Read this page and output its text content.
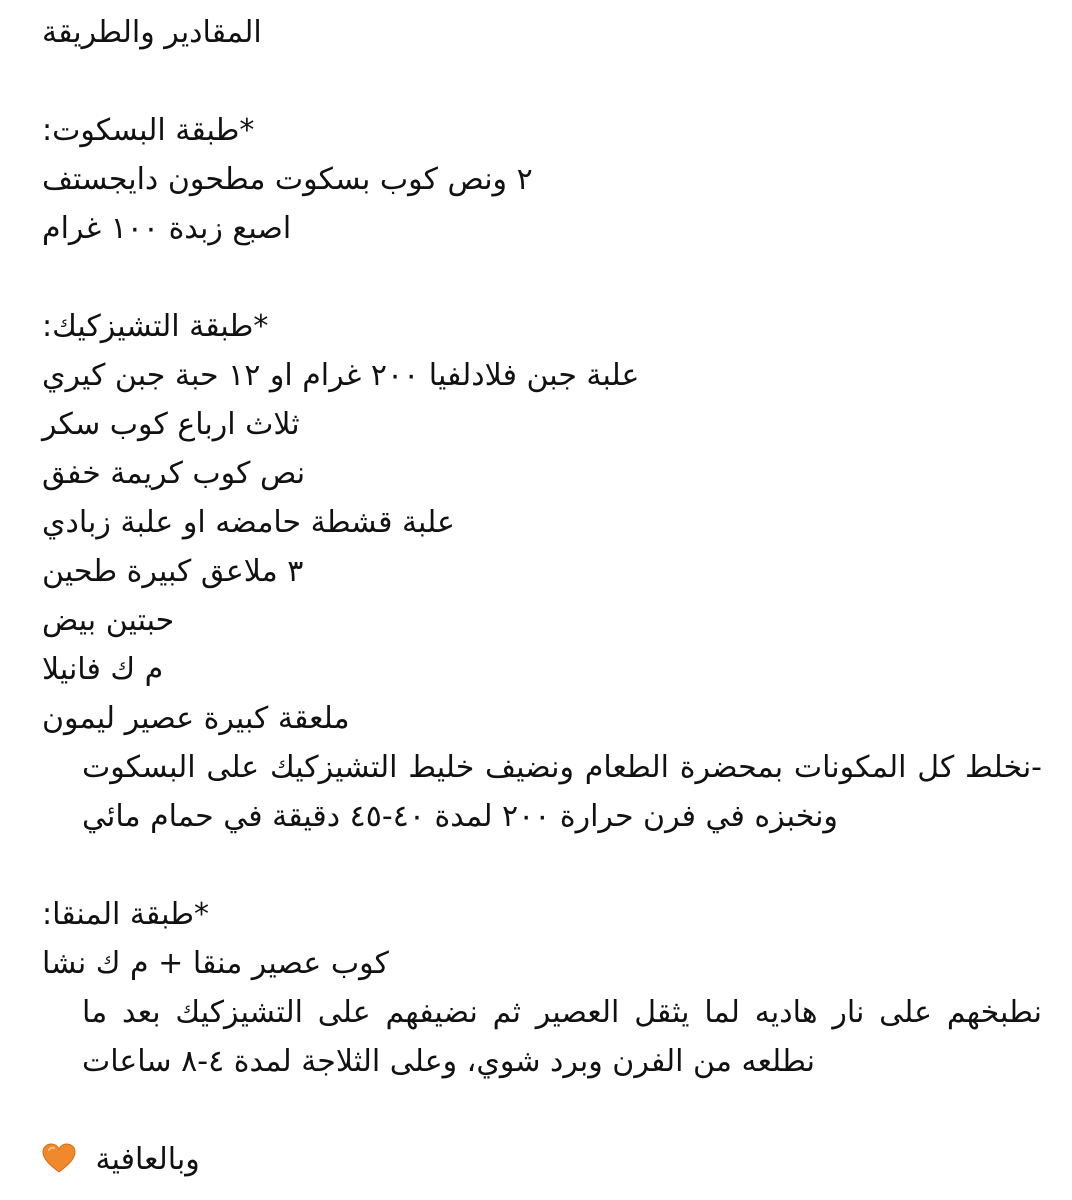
المقادير والطريقة
*طبقة البسكوت:
٢ ونص كوب بسكوت مطحون دايجستف
اصبع زبدة ١٠٠ غرام
*طبقة التشيزكيك:
علبة جبن فلادلفيا ٢٠٠ غرام او ١٢ حبة جبن كيري
ثلاث ارباع كوب سكر
نص كوب كريمة خفق
علبة قشطة حامضه او علبة زبادي
٣ ملاعق كبيرة طحين
حبتين بيض
م ك فانيلا
ملعقة كبيرة عصير ليمون
-نخلط كل المكونات بمحضرة الطعام ونضيف خليط التشيزكيك على البسكوت ونخبزه في فرن حرارة ٢٠٠ لمدة ٤٠-٤٥ دقيقة في حمام مائي
*طبقة المنقا:
كوب عصير منقا + م ك نشا
نطبخهم على نار هاديه لما يثقل العصير ثم نضيفهم على التشيزكيك بعد ما نطلعه من الفرن وبرد شوي، وعلى الثلاجة لمدة ٤-٨ ساعات
وبالعافية
